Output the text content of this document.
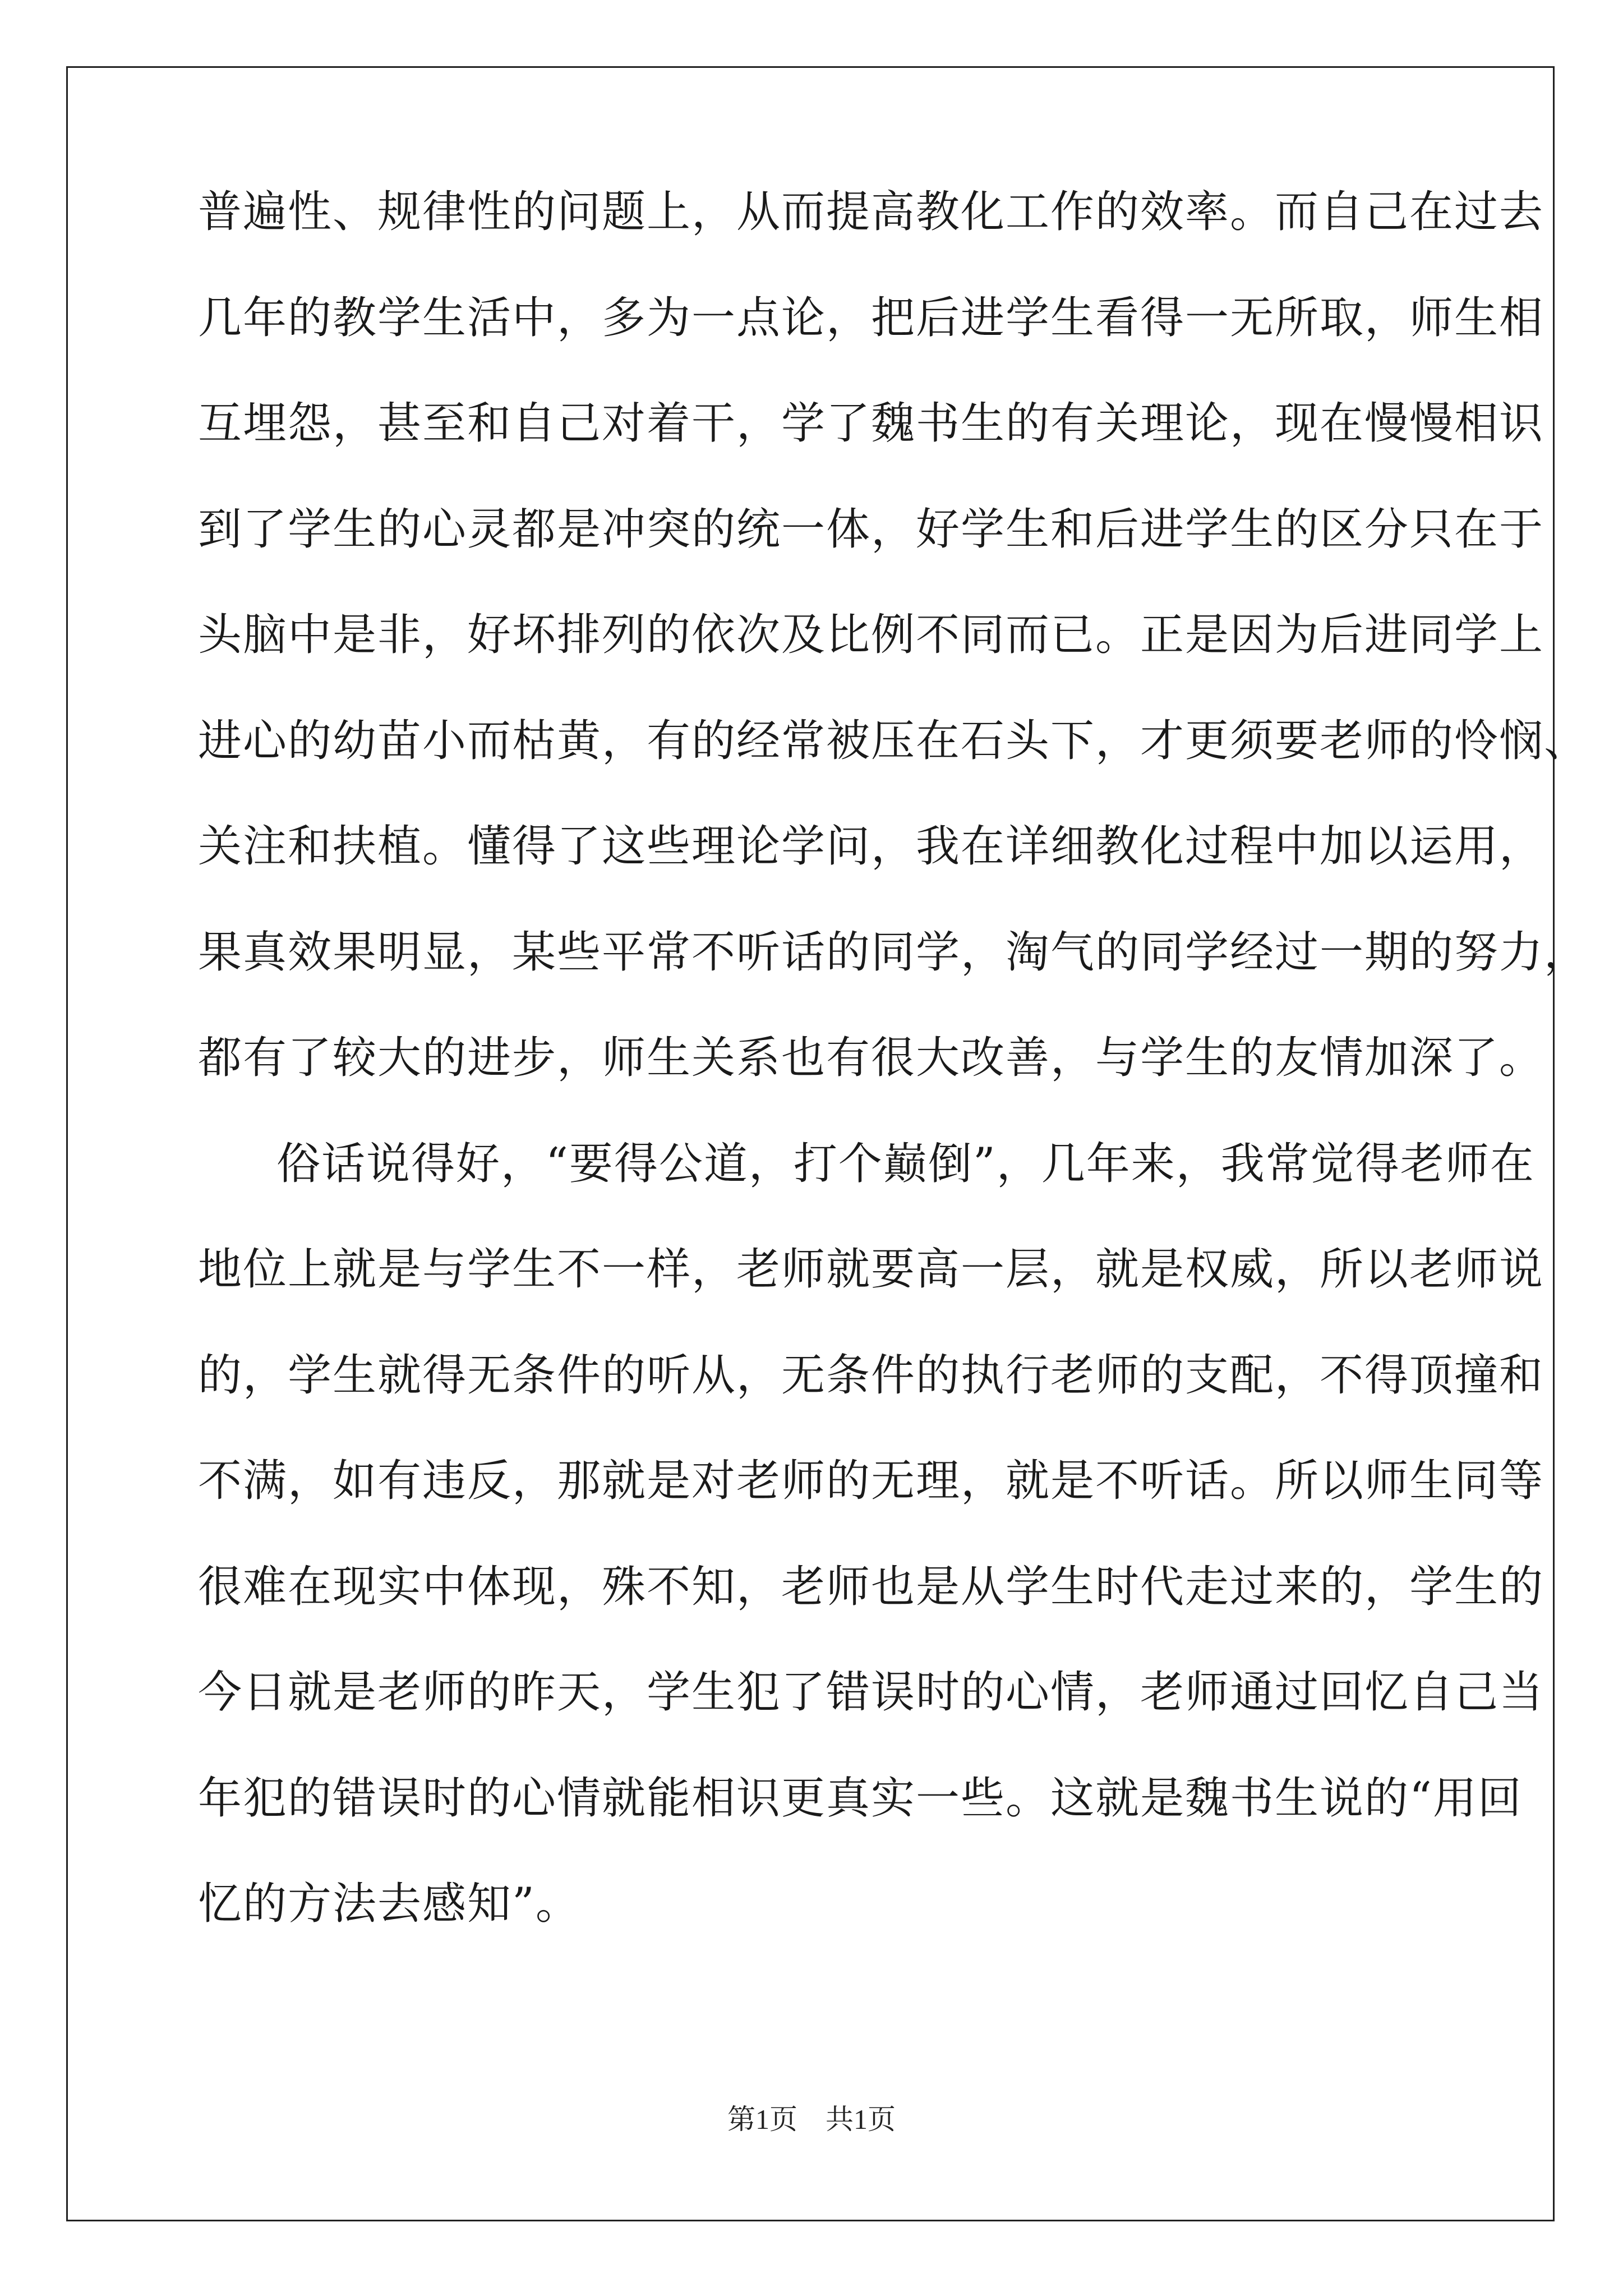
普遍性、规律性的问题上，从而提高教化工作的效率。而自己在过去
几年的教学生活中，多为一点论，把后进学生看得一无所取，师生相
互埋怨，甚至和自己对着干，学了魏书生的有关理论，现在慢慢相识
到了学生的心灵都是冲突的统一体，好学生和后进学生的区分只在于
头脑中是非，好坏排列的依次及比例不同而已。正是因为后进同学上
进心的幼苗小而枯黄，有的经常被压在石头下，才更须要老师的怜悯、
关注和扶植。懂得了这些理论学问，我在详细教化过程中加以运用，
果真效果明显，某些平常不听话的同学，淘气的同学经过一期的努力，
都有了较大的进步，师生关系也有很大改善，与学生的友情加深了。
俗话说得好，“要得公道，打个巅倒”，几年来，我常觉得老师在
地位上就是与学生不一样，老师就要高一层，就是权威，所以老师说
的，学生就得无条件的听从，无条件的执行老师的支配，不得顶撞和
不满，如有违反，那就是对老师的无理，就是不听话。所以师生同等
很难在现实中体现，殊不知，老师也是从学生时代走过来的，学生的
今日就是老师的昨天，学生犯了错误时的心情，老师通过回忆自己当
年犯的错误时的心情就能相识更真实一些。这就是魏书生说的“用回
忆的方法去感知”。
第1页 共1页
